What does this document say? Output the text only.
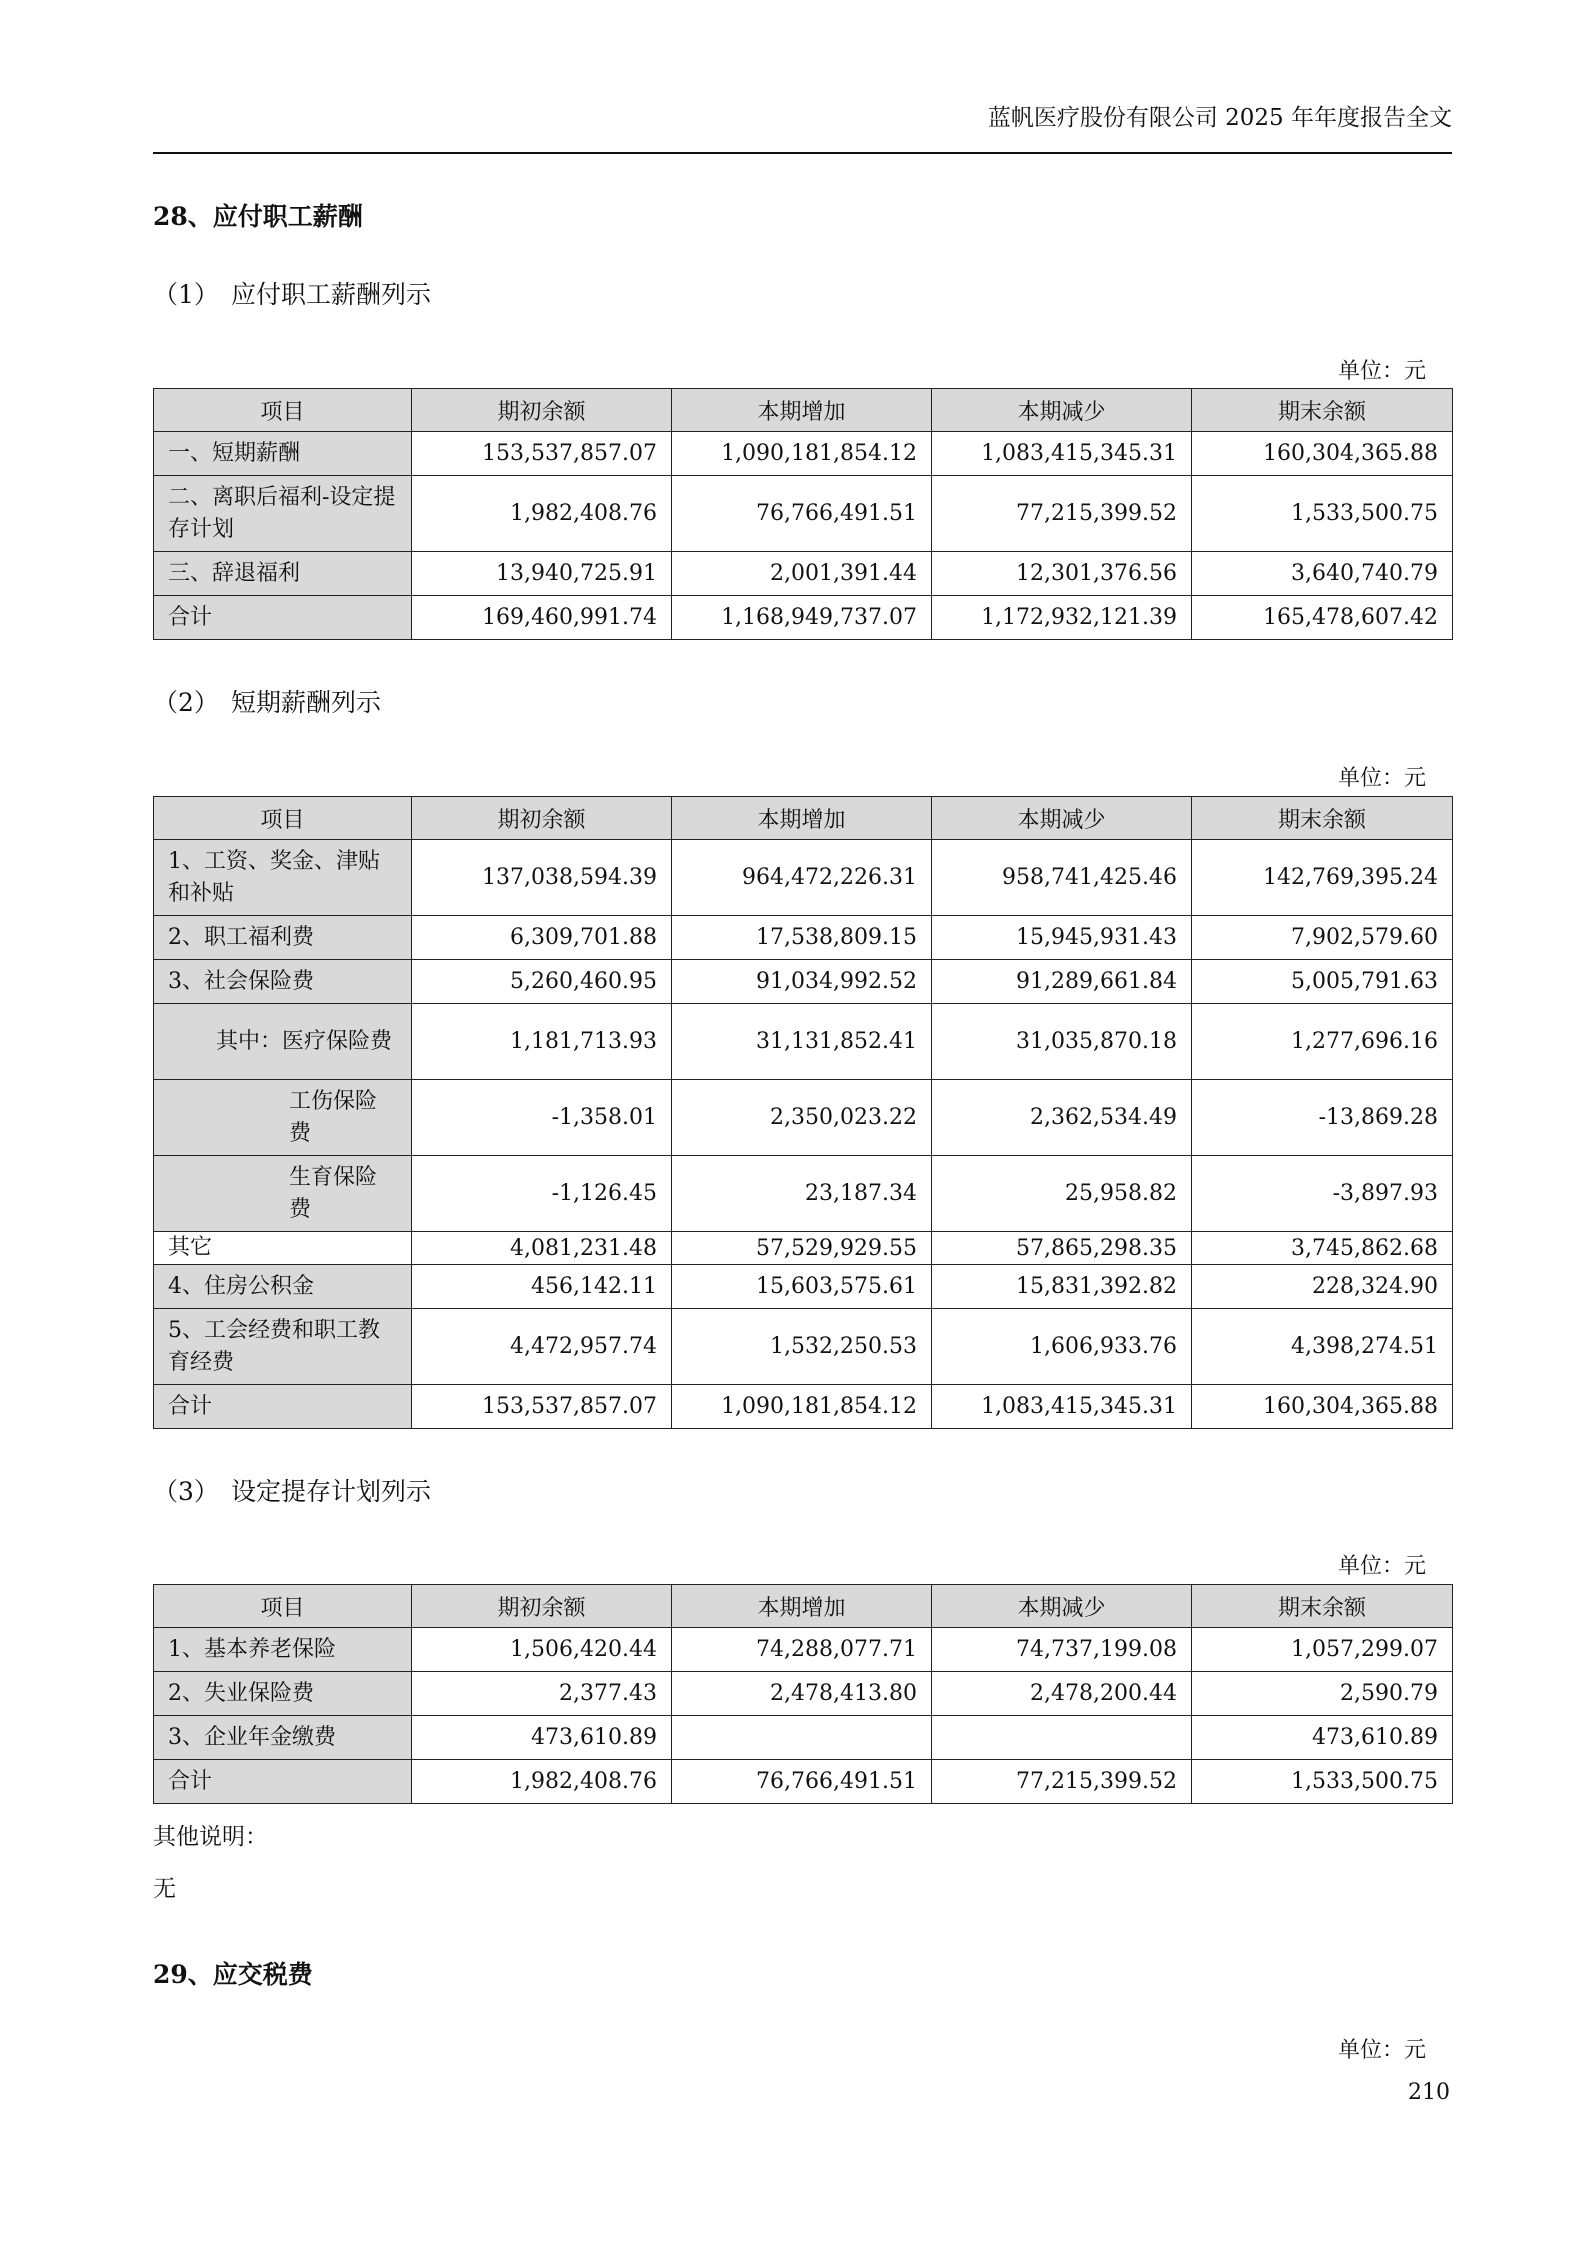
蓝帆医疗股份有限公司 2025 年年度报告全文
28、应付职工薪酬
（1） 应付职工薪酬列示
单位：元
项目	期初余额	本期增加	本期减少	期末余额
一、短期薪酬	153,537,857.07	1,090,181,854.12	1,083,415,345.31	160,304,365.88
二、离职后福利-设定提存计划	1,982,408.76	76,766,491.51	77,215,399.52	1,533,500.75
三、辞退福利	13,940,725.91	2,001,391.44	12,301,376.56	3,640,740.79
合计	169,460,991.74	1,168,949,737.07	1,172,932,121.39	165,478,607.42
（2） 短期薪酬列示
单位：元
项目	期初余额	本期增加	本期减少	期末余额
1、工资、奖金、津贴和补贴	137,038,594.39	964,472,226.31	958,741,425.46	142,769,395.24
2、职工福利费	6,309,701.88	17,538,809.15	15,945,931.43	7,902,579.60
3、社会保险费	5,260,460.95	91,034,992.52	91,289,661.84	5,005,791.63
其中：医疗保险费	1,181,713.93	31,131,852.41	31,035,870.18	1,277,696.16
工伤保险费	-1,358.01	2,350,023.22	2,362,534.49	-13,869.28
生育保险费	-1,126.45	23,187.34	25,958.82	-3,897.93
其它	4,081,231.48	57,529,929.55	57,865,298.35	3,745,862.68
4、住房公积金	456,142.11	15,603,575.61	15,831,392.82	228,324.90
5、工会经费和职工教育经费	4,472,957.74	1,532,250.53	1,606,933.76	4,398,274.51
合计	153,537,857.07	1,090,181,854.12	1,083,415,345.31	160,304,365.88
（3） 设定提存计划列示
单位：元
项目	期初余额	本期增加	本期减少	期末余额
1、基本养老保险	1,506,420.44	74,288,077.71	74,737,199.08	1,057,299.07
2、失业保险费	2,377.43	2,478,413.80	2,478,200.44	2,590.79
3、企业年金缴费	473,610.89			473,610.89
合计	1,982,408.76	76,766,491.51	77,215,399.52	1,533,500.75
其他说明：
无
29、应交税费
单位：元
210
